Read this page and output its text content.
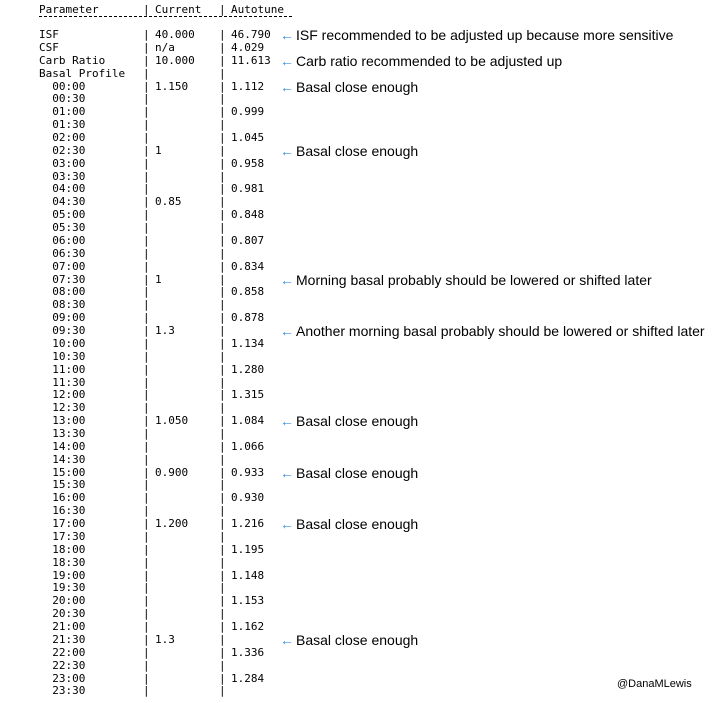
Parameter	| Current | Autotune
ISF	| 40.000 | 46.790
CSF	| n/a	| 4.029
Carb Ratio	| 10.000 | 11.613
Basal Profile |	|
00:00	| 1.150	| 1.112
00:30	|	|
01:00	|	| 0.999
01:30	|	|
02:00	|	| 1.045
02:30	| 1	|
03:00	|	| 0.958
03:30	|	|
04:00	|	| 0.981
04:30	| 0.85	|
05:00	|	| 0.848
05:30	|	|
06:00	|	| 0.807
06:30	|	|
07:00	|	| 0.834
07:30	| 1	|
08:00	|	| 0.858
08:30	|	|
09:00	|	| 0.878
09:30	| 1.3	|
10:00	|	| 1.134
10:30	|	|
11:00	|	| 1.280
11:30	|	|
12:00	|	| 1.315
12:30	|	|
13:00	| 1.050	| 1.084
13:30	|	|
14:00	|	| 1.066
14:30	|	|
15:00	| 0.900	| 0.933
15:30	|	|
16:00	|	| 0.930
16:30	|	|
17:00	| 1.200	| 1.216
17:30	|	|
18:00	|	| 1.195
18:30	|	|
19:00	|	| 1.148
19:30	|	|
20:00	|	| 1.153
20:30	|	|
21:00	|	| 1.162
21:30	| 1.3	|
22:00	|	| 1.336
22:30	|	|
23:00	|	| 1.284
23:30	|	|
← ISF recommended to be adjusted up because more sensitive
← Carb ratio recommended to be adjusted up
← Basal close enough
← Basal close enough
← Morning basal probably should be lowered or shifted later
← Another morning basal probably should be lowered or shifted later
← Basal close enough
← Basal close enough
← Basal close enough
← Basal close enough
@DanaMLewis
